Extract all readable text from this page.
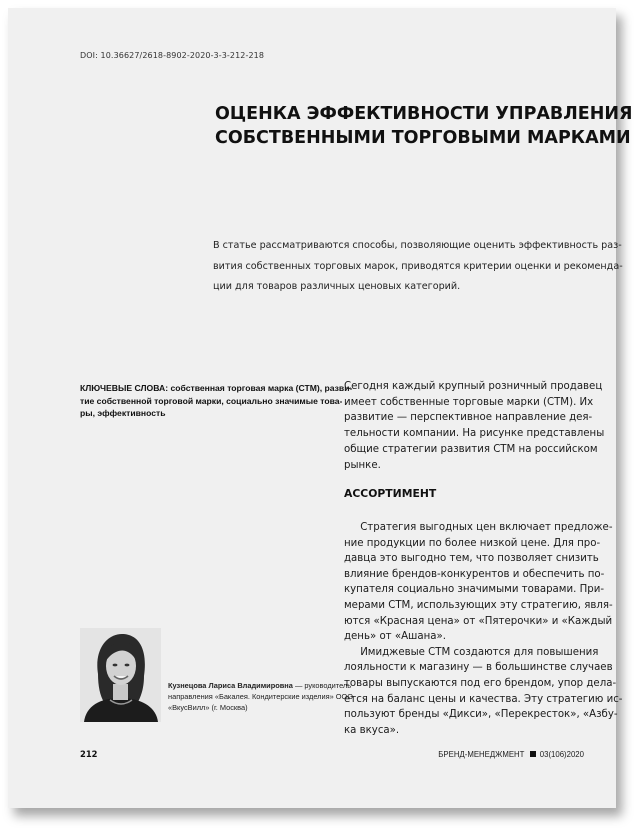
DOI: 10.36627/2618-8902-2020-3-3-212-218
ОЦЕНКА ЭФФЕКТИВНОСТИ УПРАВЛЕНИЯ
СОБСТВЕННЫМИ ТОРГОВЫМИ МАРКАМИ
В статье рассматриваются способы, позволяющие оценить эффективность раз-
вития собственных торговых марок, приводятся критерии оценки и рекоменда-
ции для товаров различных ценовых категорий.
КЛЮЧЕВЫЕ СЛОВА: собственная торговая марка (СТМ), разви-
тие собственной торговой марки, социально значимые това-
ры, эффективность
Сегодня каждый крупный розничный продавец
имеет собственные торговые марки (СТМ). Их
развитие — перспективное направление дея-
тельности компании. На рисунке представлены
общие стратегии развития СТМ на российском
рынке.
АССОРТИМЕНТ
Стратегия выгодных цен включает предложе-
ние продукции по более низкой цене. Для про-
давца это выгодно тем, что позволяет снизить
влияние брендов-конкурентов и обеспечить по-
купателя социально значимыми товарами. При-
мерами СТМ, использующих эту стратегию, явля-
ются «Красная цена» от «Пятерочки» и «Каждый
день» от «Ашана».
Имиджевые СТМ создаются для повышения
лояльности к магазину — в большинстве случаев
товары выпускаются под его брендом, упор дела-
ется на баланс цены и качества. Эту стратегию ис-
пользуют бренды «Дикси», «Перекресток», «Азбу-
ка вкуса».
Кузнецова Лариса Владимировна — руководитель
направления «Бакалея. Кондитерские изделия» ООО
«ВкусВилл» (г. Москва)
212	БРЕНД-МЕНЕДЖМЕНТ 03(106)2020
